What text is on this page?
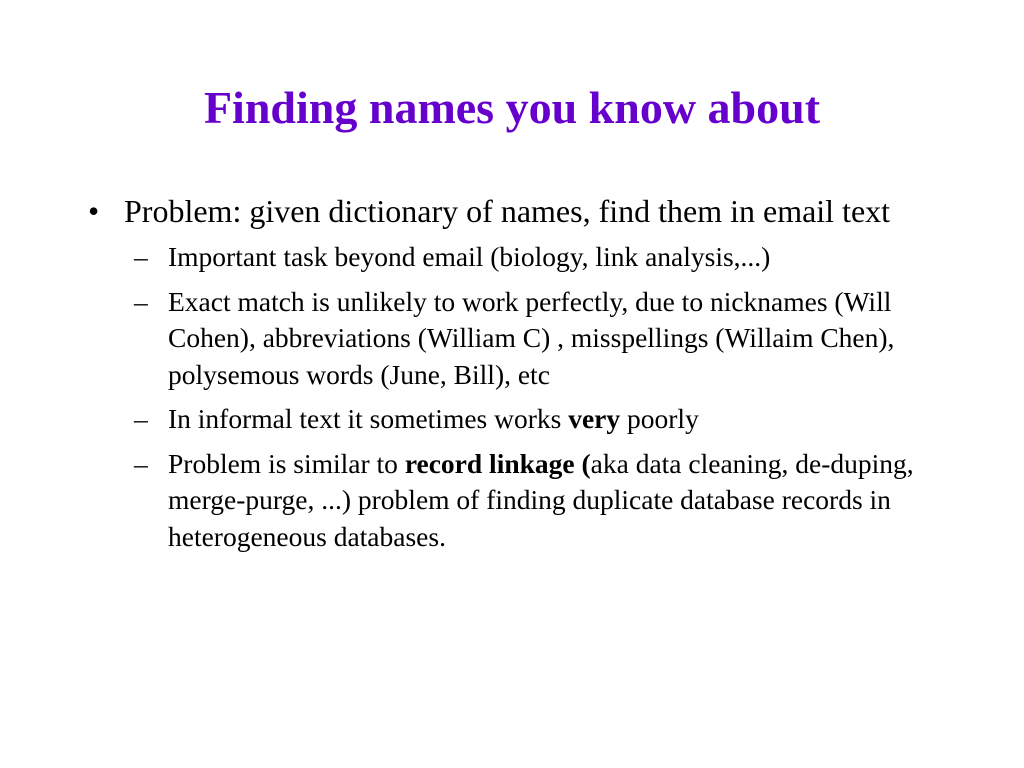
Finding names you know about
• Problem: given dictionary of names, find them in email text
– Important task beyond email (biology, link analysis,...)
– Exact match is unlikely to work perfectly, due to nicknames (Will Cohen), abbreviations (William C) , misspellings (Willaim Chen), polysemous words (June, Bill), etc
– In informal text it sometimes works very poorly
– Problem is similar to record linkage (aka data cleaning, de-duping, merge-purge, ...) problem of finding duplicate database records in heterogeneous databases.
